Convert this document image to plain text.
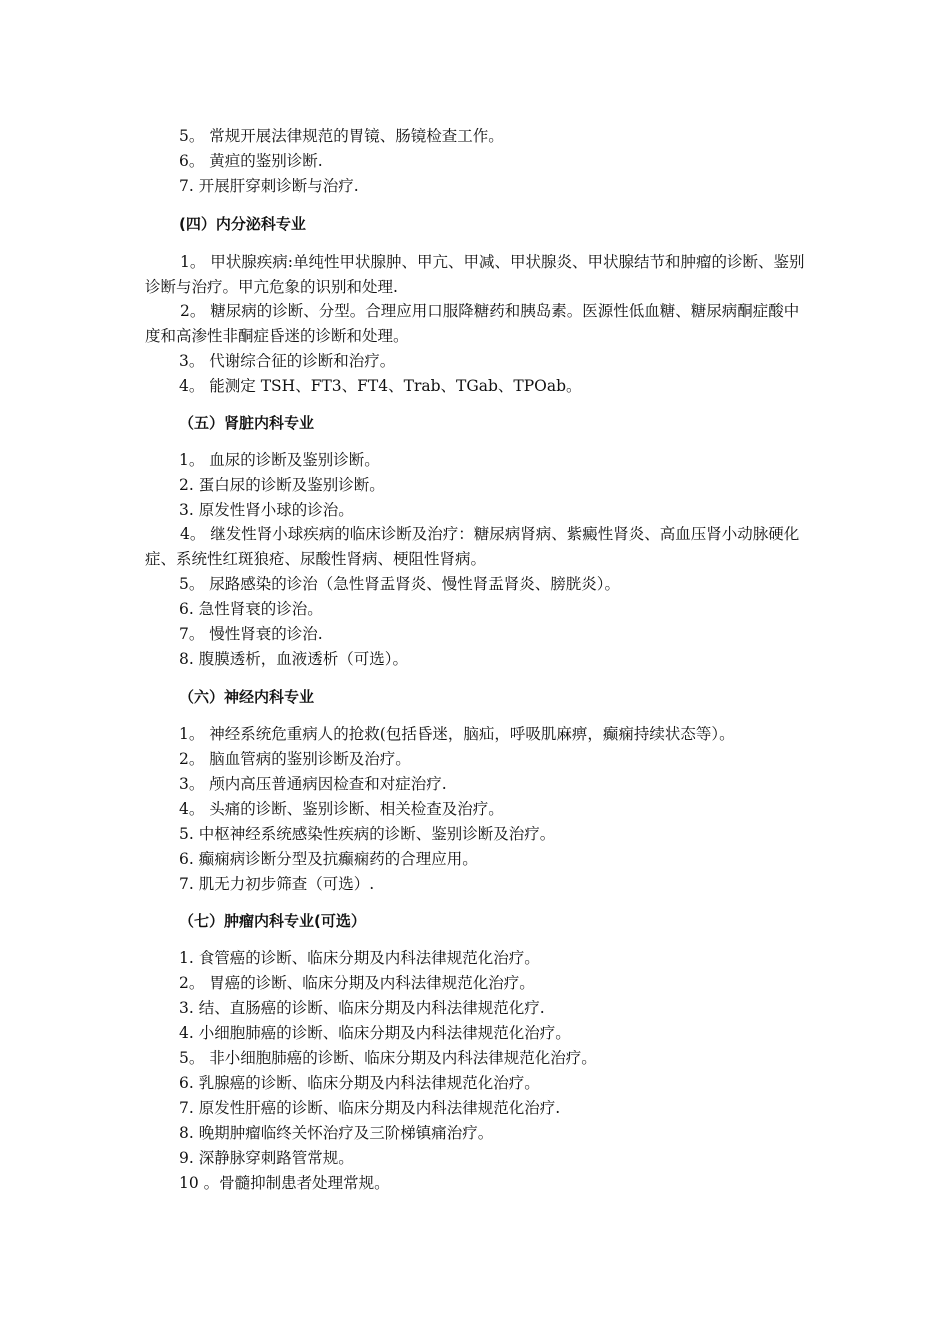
5。 常规开展法律规范的胃镜、肠镜检查工作。
6。 黄疸的鉴别诊断.
7. 开展肝穿刺诊断与治疗.
(四）内分泌科专业
1。 甲状腺疾病:单纯性甲状腺肿、甲亢、甲减、甲状腺炎、甲状腺结节和肿瘤的诊断、鉴别诊断与治疗。甲亢危象的识别和处理.
2。 糖尿病的诊断、分型。合理应用口服降糖药和胰岛素。医源性低血糖、糖尿病酮症酸中度和高渗性非酮症昏迷的诊断和处理。
3。 代谢综合征的诊断和治疗。
4。 能测定 TSH、FT3、FT4、Trab、TGab、TPOab。
（五）肾脏内科专业
1。 血尿的诊断及鉴别诊断。
2. 蛋白尿的诊断及鉴别诊断。
3. 原发性肾小球的诊治。
4。 继发性肾小球疾病的临床诊断及治疗：糖尿病肾病、紫癜性肾炎、高血压肾小动脉硬化症、系统性红斑狼疮、尿酸性肾病、梗阻性肾病。
5。 尿路感染的诊治（急性肾盂肾炎、慢性肾盂肾炎、膀胱炎）。
6. 急性肾衰的诊治。
7。 慢性肾衰的诊治.
8. 腹膜透析，血液透析（可选）。
（六）神经内科专业
1。 神经系统危重病人的抢救(包括昏迷，脑疝，呼吸肌麻痹，癫痫持续状态等）。
2。 脑血管病的鉴别诊断及治疗。
3。 颅内高压普通病因检查和对症治疗.
4。 头痛的诊断、鉴别诊断、相关检查及治疗。
5. 中枢神经系统感染性疾病的诊断、鉴别诊断及治疗。
6. 癫痫病诊断分型及抗癫痫药的合理应用。
7. 肌无力初步筛查（可选）.
（七）肿瘤内科专业(可选）
1. 食管癌的诊断、临床分期及内科法律规范化治疗。
2。 胃癌的诊断、临床分期及内科法律规范化治疗。
3. 结、直肠癌的诊断、临床分期及内科法律规范化疗.
4. 小细胞肺癌的诊断、临床分期及内科法律规范化治疗。
5。 非小细胞肺癌的诊断、临床分期及内科法律规范化治疗。
6. 乳腺癌的诊断、临床分期及内科法律规范化治疗。
7. 原发性肝癌的诊断、临床分期及内科法律规范化治疗.
8. 晚期肿瘤临终关怀治疗及三阶梯镇痛治疗。
9. 深静脉穿刺路管常规。
10 。骨髓抑制患者处理常规。
